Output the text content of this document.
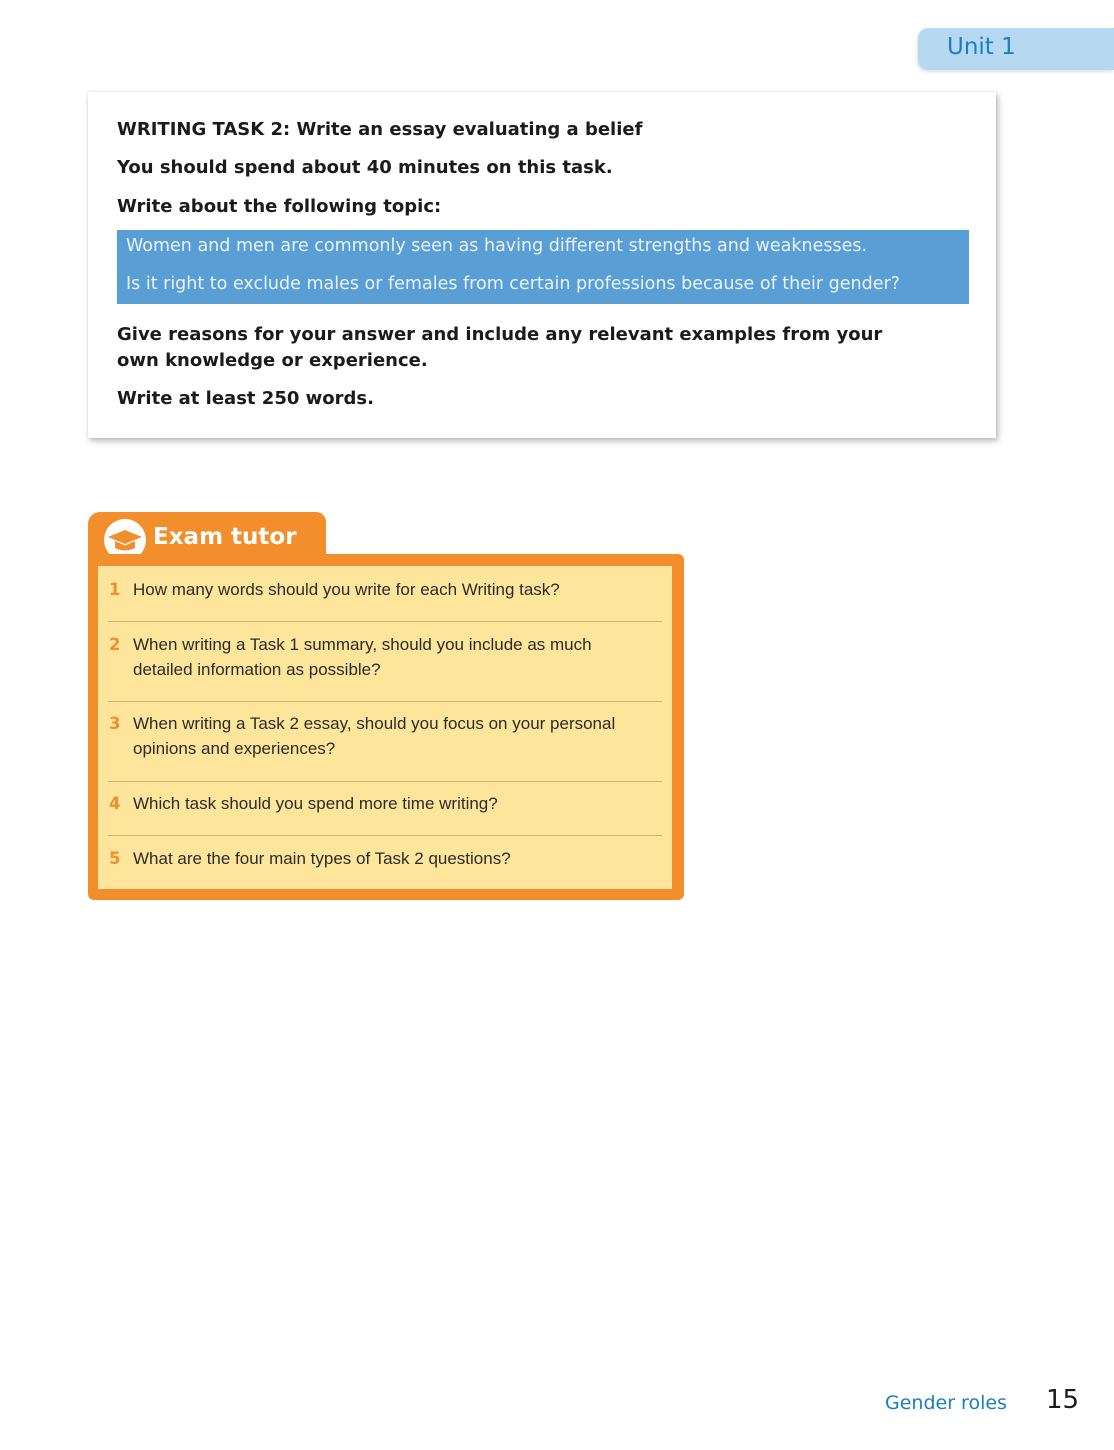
Unit 1
WRITING TASK 2: Write an essay evaluating a belief
You should spend about 40 minutes on this task.
Write about the following topic:
Women and men are commonly seen as having different strengths and weaknesses.
Is it right to exclude males or females from certain professions because of their gender?
Give reasons for your answer and include any relevant examples from your own knowledge or experience.
Write at least 250 words.
Exam tutor
1 How many words should you write for each Writing task?
2 When writing a Task 1 summary, should you include as much detailed information as possible?
3 When writing a Task 2 essay, should you focus on your personal opinions and experiences?
4 Which task should you spend more time writing?
5 What are the four main types of Task 2 questions?
Gender roles 15
